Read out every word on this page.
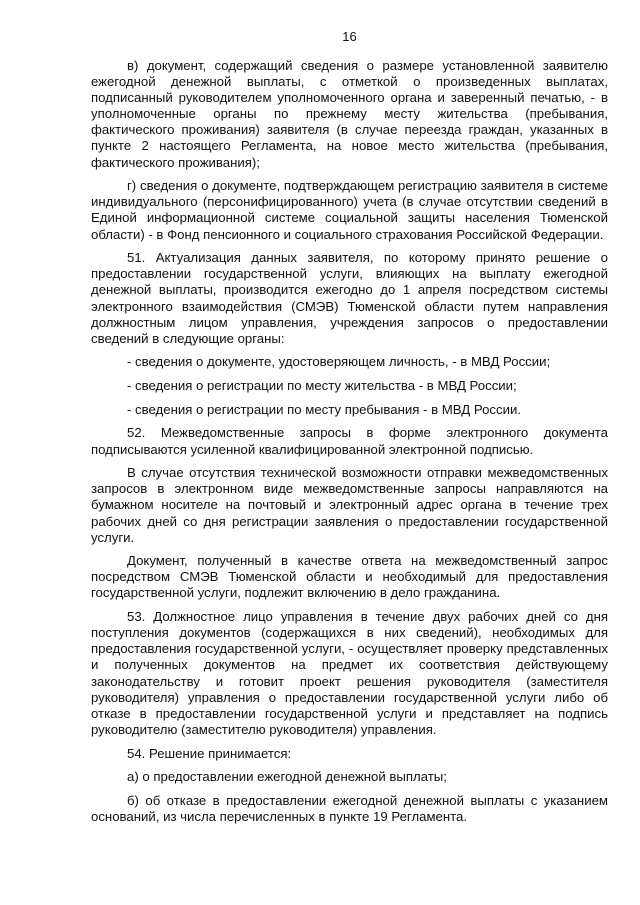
16

в) документ, содержащий сведения о размере установленной заявителю ежегодной денежной выплаты, с отметкой о произведенных выплатах, подписанный руководителем уполномоченного органа и заверенный печатью, - в уполномоченные органы по прежнему месту жительства (пребывания, фактического проживания) заявителя (в случае переезда граждан, указанных в пункте 2 настоящего Регламента, на новое место жительства (пребывания, фактического проживания);

г) сведения о документе, подтверждающем регистрацию заявителя в системе индивидуального (персонифицированного) учета (в случае отсутствии сведений в Единой информационной системе социальной защиты населения Тюменской области) - в Фонд пенсионного и социального страхования Российской Федерации.

51. Актуализация данных заявителя, по которому принято решение о предоставлении государственной услуги, влияющих на выплату ежегодной денежной выплаты, производится ежегодно до 1 апреля посредством системы электронного взаимодействия (СМЭВ) Тюменской области путем направления должностным лицом управления, учреждения запросов о предоставлении сведений в следующие органы:

- сведения о документе, удостоверяющем личность, - в МВД России;

- сведения о регистрации по месту жительства - в МВД России;

- сведения о регистрации по месту пребывания - в МВД России.

52. Межведомственные запросы в форме электронного документа подписываются усиленной квалифицированной электронной подписью.

В случае отсутствия технической возможности отправки межведомственных запросов в электронном виде межведомственные запросы направляются на бумажном носителе на почтовый и электронный адрес органа в течение трех рабочих дней со дня регистрации заявления о предоставлении государственной услуги.

Документ, полученный в качестве ответа на межведомственный запрос посредством СМЭВ Тюменской области и необходимый для предоставления государственной услуги, подлежит включению в дело гражданина.

53. Должностное лицо управления в течение двух рабочих дней со дня поступления документов (содержащихся в них сведений), необходимых для предоставления государственной услуги, - осуществляет проверку представленных и полученных документов на предмет их соответствия действующему законодательству и готовит проект решения руководителя (заместителя руководителя) управления о предоставлении государственной услуги либо об отказе в предоставлении государственной услуги и представляет на подпись руководителю (заместителю руководителя) управления.

54. Решение принимается:

а) о предоставлении ежегодной денежной выплаты;

б) об отказе в предоставлении ежегодной денежной выплаты с указанием оснований, из числа перечисленных в пункте 19 Регламента.
